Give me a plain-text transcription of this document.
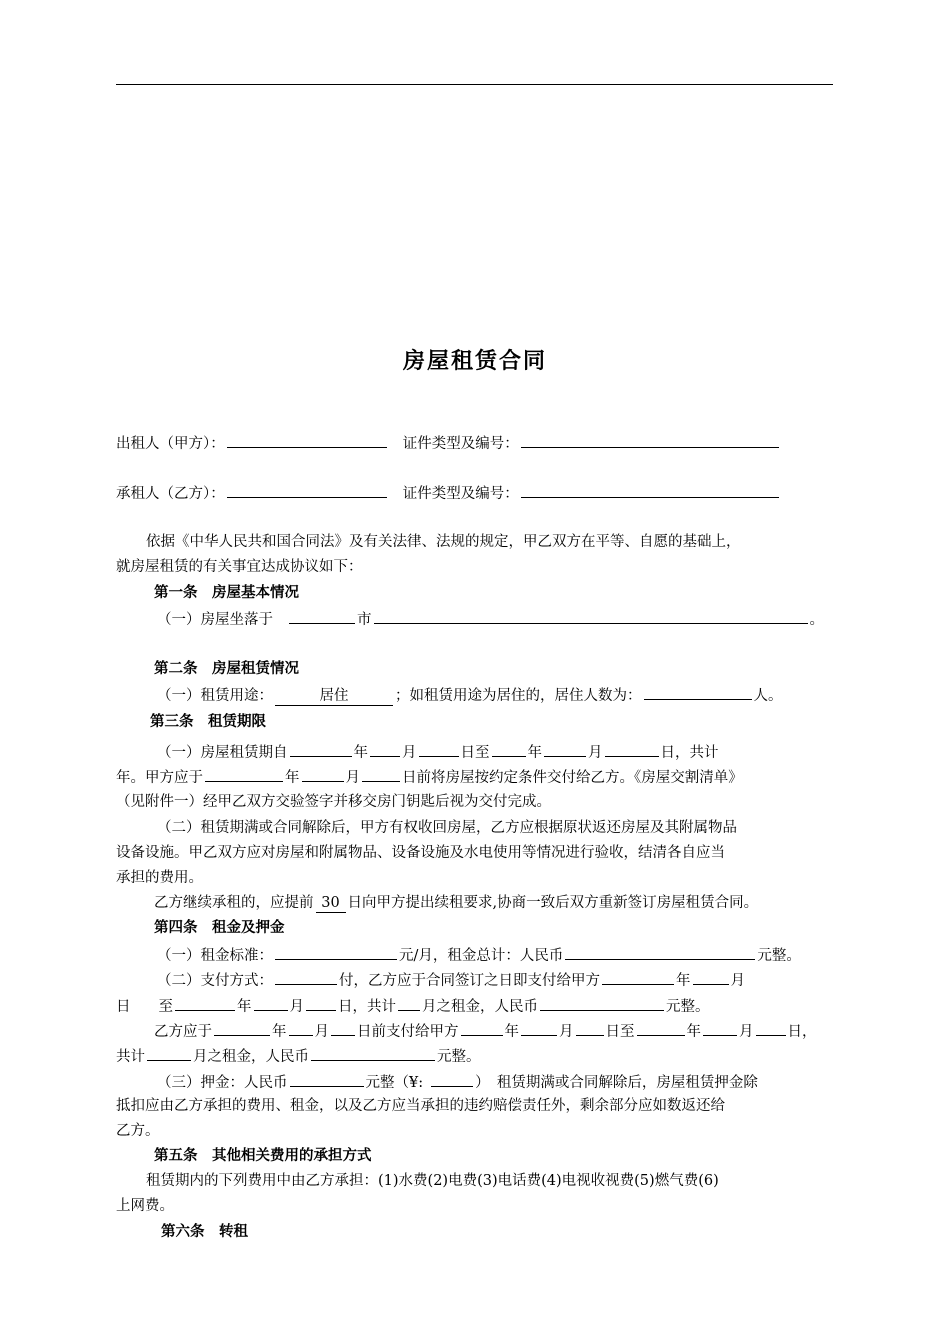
房屋租赁合同
出租人（甲方）：	证件类型及编号：
承租人（乙方）：	证件类型及编号：
依据《中华人民共和国合同法》及有关法律、法规的规定，甲乙双方在平等、自愿的基础上，
就房屋租赁的有关事宜达成协议如下：
第一条　房屋基本情况
（一）房屋坐落于	市	。
第二条　房屋租赁情况
（一）租赁用途：	居住	；如租赁用途为居住的，居住人数为：	人。
第三条　租赁期限
（一）房屋租赁期自	年 月	日至	年	月	日，共计
年。甲方应于	年	月	日前将房屋按约定条件交付给乙方。《房屋交割清单》
（见附件一）经甲乙双方交验签字并移交房门钥匙后视为交付完成。
（二）租赁期满或合同解除后，甲方有权收回房屋，乙方应根据原状返还房屋及其附属物品
设备设施。甲乙双方应对房屋和附属物品、设备设施及水电使用等情况进行验收，结清各自应当
承担的费用。
乙方继续承租的，应提前 30 日向甲方提出续租要求,协商一致后双方重新签订房屋租赁合同。
第四条　租金及押金
（一）租金标准：	元/月，租金总计：人民币	元整。
（二）支付方式：	付，乙方应于合同签订之日即支付给甲方	年	月
日 至	年	月 日，共计 月之租金，人民币	元整。
乙方应于	年 月 日前支付给甲方	年	月 日至	年	月 日，
共计	月之租金，人民币	元整。
（三）押金：人民币	元整（¥:	）　租赁期满或合同解除后，房屋租赁押金除
抵扣应由乙方承担的费用、租金，以及乙方应当承担的违约赔偿责任外，剩余部分应如数返还给
乙方。
第五条　其他相关费用的承担方式
租赁期内的下列费用中由乙方承担：(1)水费(2)电费(3)电话费(4)电视收视费(5)燃气费(6)
上网费。
第六条　转租
